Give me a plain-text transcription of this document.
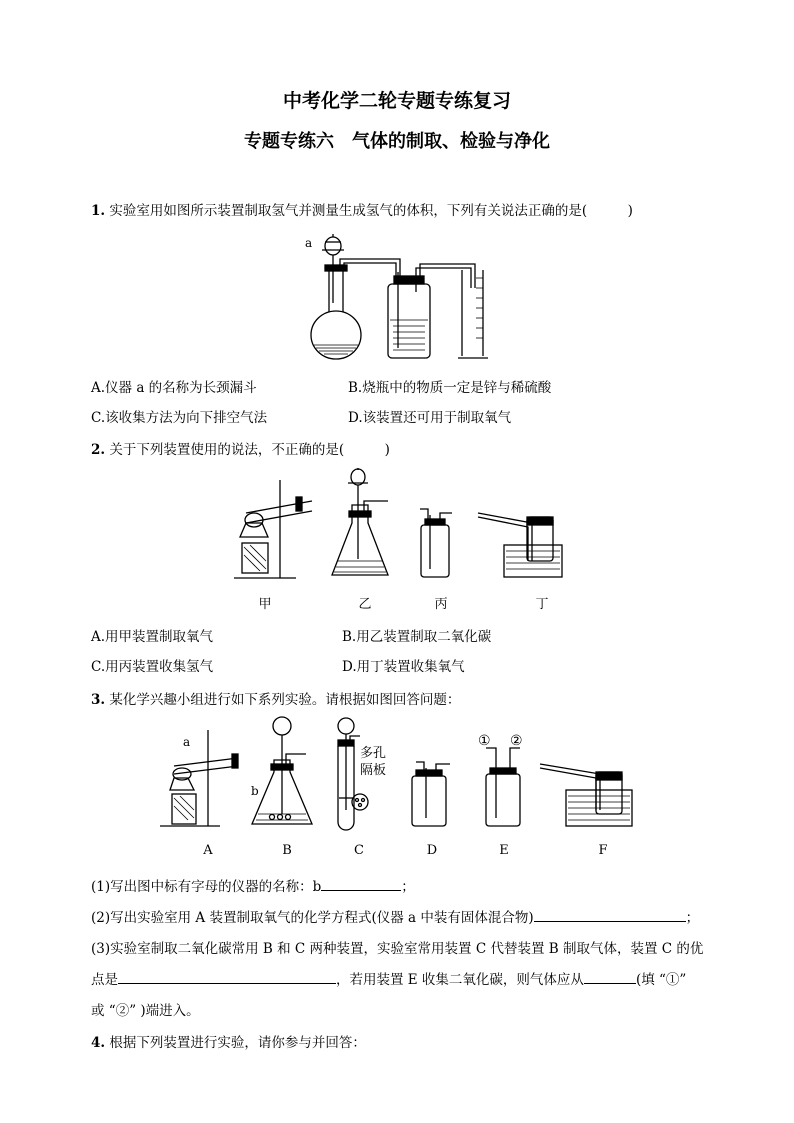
中考化学二轮专题专练复习
专题专练六　气体的制取、检验与净化
1. 实验室用如图所示装置制取氢气并测量生成氢气的体积，下列有关说法正确的是(　　　)
a
A.仪器 a 的名称为长颈漏斗	B.烧瓶中的物质一定是锌与稀硫酸
C.该收集方法为向下排空气法	D.该装置还可用于制取氧气
2. 关于下列装置使用的说法，不正确的是(　　　)
甲	乙	丙	丁
A.用甲装置制取氧气	B.用乙装置制取二氧化碳
C.用丙装置收集氢气	D.用丁装置收集氧气
3. 某化学兴趣小组进行如下系列实验。请根据如图回答问题：
a
b
多孔
隔板
① ②
A	B	C	D	E	F
(1)写出图中标有字母的仪器的名称：b	；
(2)写出实验室用 A 装置制取氧气的化学方程式(仪器 a 中装有固体混合物)	；
(3)实验室制取二氧化碳常用 B 和 C 两种装置，实验室常用装置 C 代替装置 B 制取气体，装置 C 的优
点是	，若用装置 E 收集二氧化碳，则气体应从	(填 “①”
或 “②” )端进入。
4. 根据下列装置进行实验，请你参与并回答：
